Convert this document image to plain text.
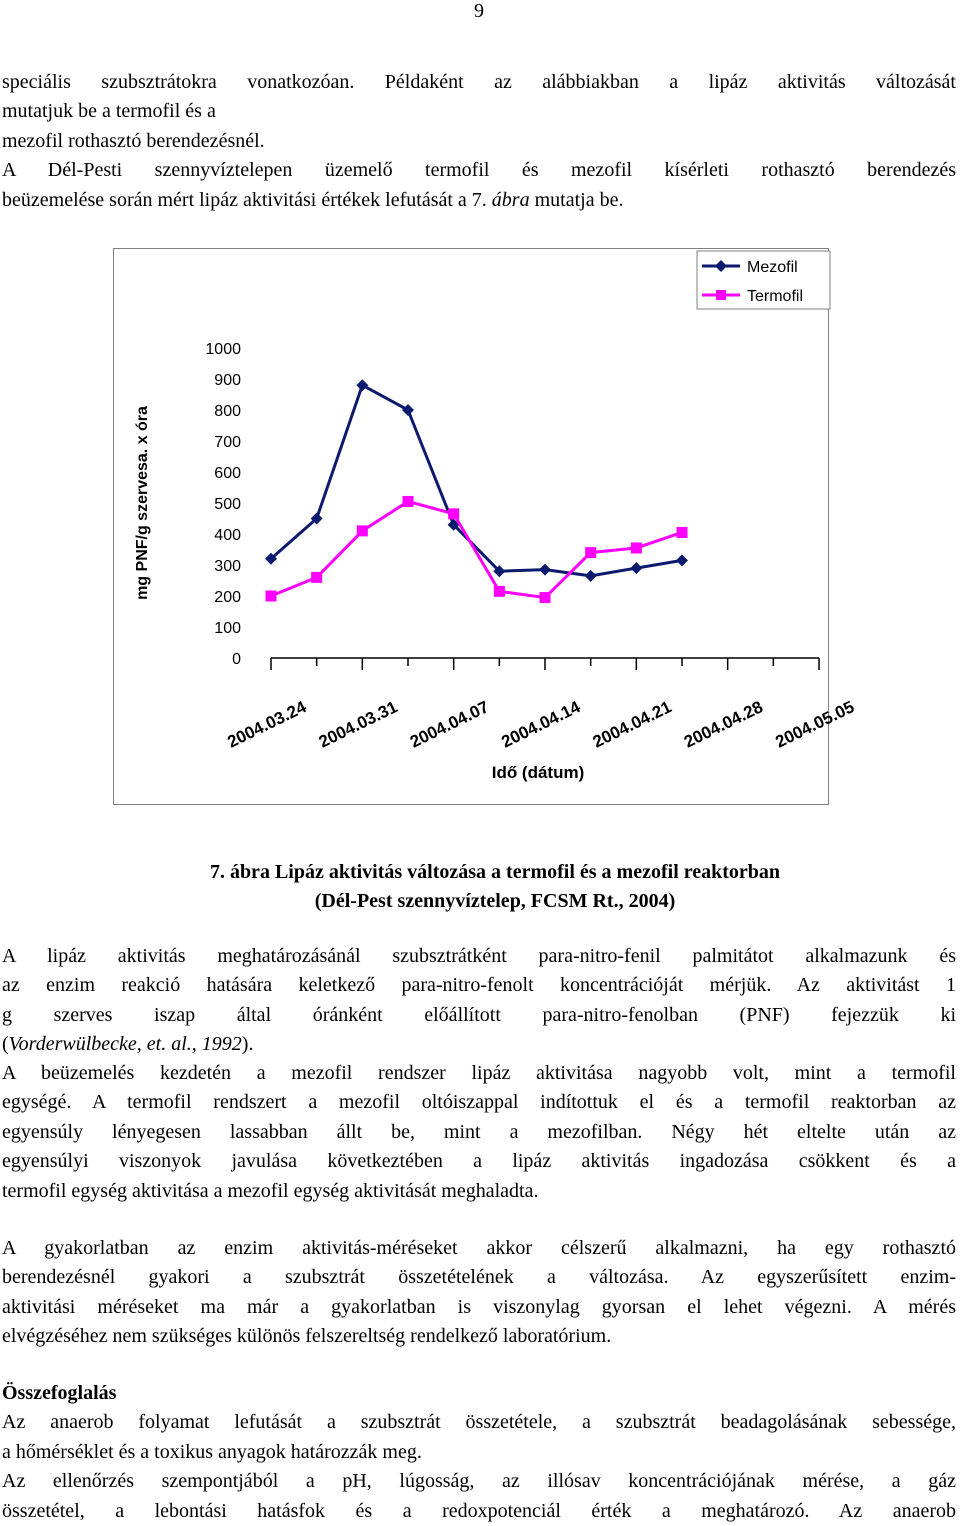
9
speciális szubsztrátokra vonatkozóan. Példaként az alábbiakban a lipáz aktivitás változását
mutatjuk be a termofil és a
mezofil rothasztó berendezésnél.
A Dél-Pesti szennyvíztelepen üzemelő termofil és mezofil kísérleti rothasztó berendezés
beüzemelése során mért lipáz aktivitási értékek lefutását a 7. ábra mutatja be.
Mezofil
Termofil
mg PNF/g szervesa. x óra
Idő (dátum)
0
100
200
300
400
500
600
700
800
900
1000
2004.03.24 2004.03.31 2004.04.07 2004.04.14 2004.04.21 2004.04.28 2004.05.05
7. ábra Lipáz aktivitás változása a termofil és a mezofil reaktorban
(Dél-Pest szennyvíztelep, FCSM Rt., 2004)
A lipáz aktivitás meghatározásánál szubsztrátként para-nitro-fenil palmitátot alkalmazunk és
az enzim reakció hatására keletkező para-nitro-fenolt koncentrációját mérjük. Az aktivitást 1
g szerves iszap által óránként előállított para-nitro-fenolban (PNF) fejezzük ki
(Vorderwülbecke, et. al., 1992).
A beüzemelés kezdetén a mezofil rendszer lipáz aktivitása nagyobb volt, mint a termofil
egységé. A termofil rendszert a mezofil oltóiszappal indítottuk el és a termofil reaktorban az
egyensúly lényegesen lassabban állt be, mint a mezofilban. Négy hét eltelte után az
egyensúlyi viszonyok javulása következtében a lipáz aktivitás ingadozása csökkent és a
termofil egység aktivitása a mezofil egység aktivitását meghaladta.
A gyakorlatban az enzim aktivitás-méréseket akkor célszerű alkalmazni, ha egy rothasztó
berendezésnél gyakori a szubsztrát összetételének a változása. Az egyszerűsített enzim-
aktivitási méréseket ma már a gyakorlatban is viszonylag gyorsan el lehet végezni. A mérés
elvégzéséhez nem szükséges különös felszereltség rendelkező laboratórium.
Összefoglalás
Az anaerob folyamat lefutását a szubsztrát összetétele, a szubsztrát beadagolásának sebessége,
a hőmérséklet és a toxikus anyagok határozzák meg.
Az ellenőrzés szempontjából a pH, lúgosság, az illósav koncentrációjának mérése, a gáz
összetétel, a lebontási hatásfok és a redoxpotenciál érték a meghatározó. Az anaerob
